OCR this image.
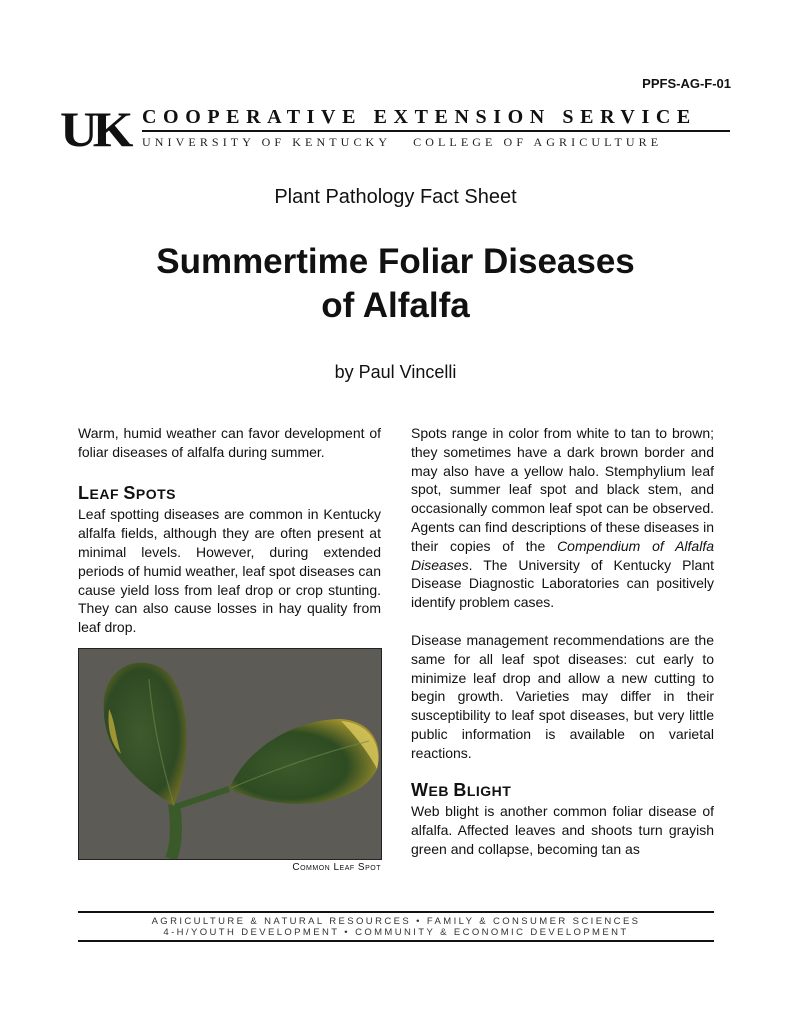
PPFS-AG-F-01
UK COOPERATIVE EXTENSION SERVICE
UNIVERSITY OF KENTUCKY COLLEGE OF AGRICULTURE
Plant Pathology Fact Sheet
Summertime Foliar Diseases
of Alfalfa
by Paul Vincelli

Warm, humid weather can favor development of foliar diseases of alfalfa during summer.

LEAF SPOTS

Leaf spotting diseases are common in Kentucky alfalfa fields, although they are often present at minimal levels. However, during extended periods of humid weather, leaf spot diseases can cause yield loss from leaf drop or crop stunting. They can also cause losses in hay quality from leaf drop.

Common Leaf Spot

Spots range in color from white to tan to brown; they sometimes have a dark brown border and may also have a yellow halo. Stemphylium leaf spot, summer leaf spot and black stem, and occasionally common leaf spot can be observed. Agents can find descriptions of these diseases in their copies of the Compendium of Alfalfa Diseases. The University of Kentucky Plant Disease Diagnostic Laboratories can positively identify problem cases.

Disease management recommendations are the same for all leaf spot diseases: cut early to minimize leaf drop and allow a new cutting to begin growth. Varieties may differ in their susceptibility to leaf spot diseases, but very little public information is available on varietal reactions.

WEB BLIGHT

Web blight is another common foliar disease of alfalfa. Affected leaves and shoots turn grayish green and collapse, becoming tan as

AGRICULTURE & NATURAL RESOURCES • FAMILY & CONSUMER SCIENCES
4-H/YOUTH DEVELOPMENT • COMMUNITY & ECONOMIC DEVELOPMENT
